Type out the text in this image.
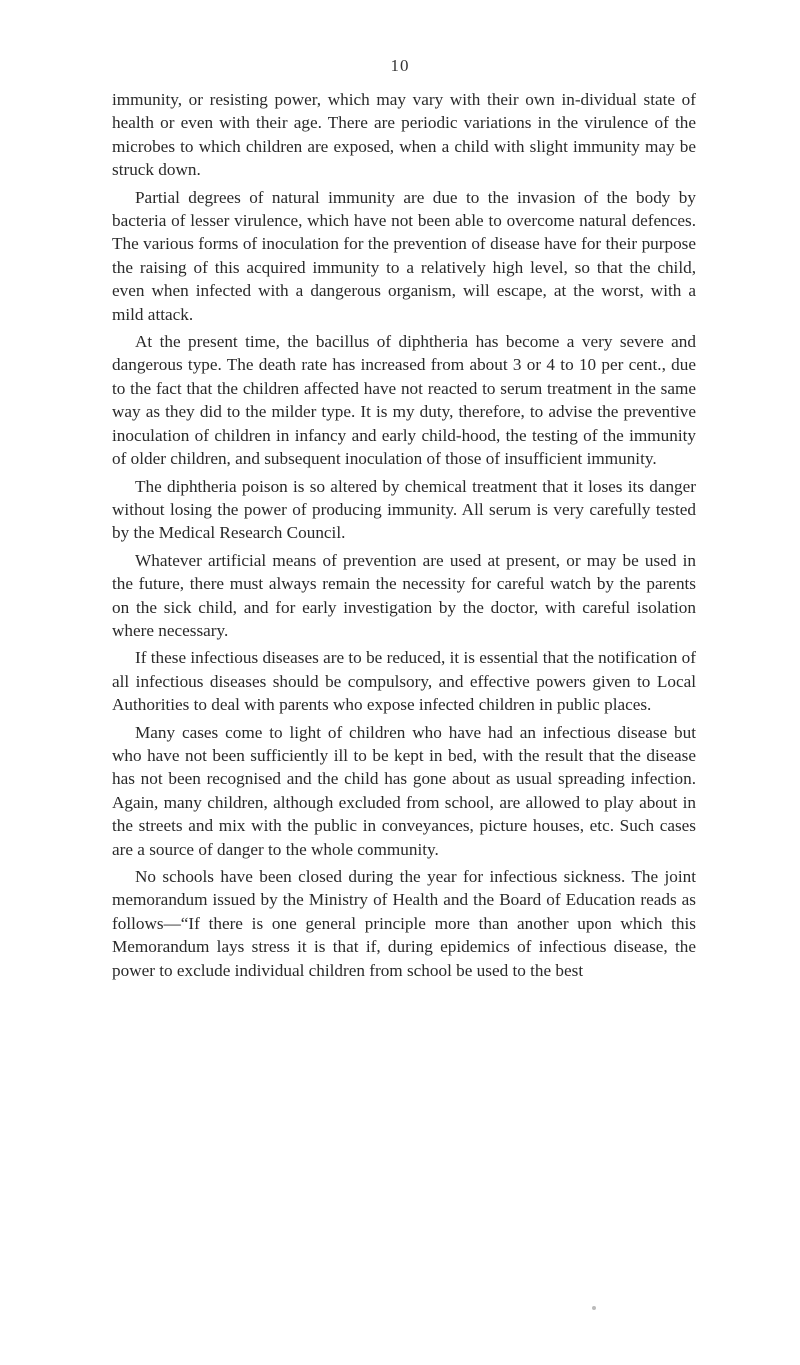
10

immunity, or resisting power, which may vary with their own in-dividual state of health or even with their age. There are periodic variations in the virulence of the microbes to which children are exposed, when a child with slight immunity may be struck down.

Partial degrees of natural immunity are due to the invasion of the body by bacteria of lesser virulence, which have not been able to overcome natural defences. The various forms of inoculation for the prevention of disease have for their purpose the raising of this acquired immunity to a relatively high level, so that the child, even when infected with a dangerous organism, will escape, at the worst, with a mild attack.

At the present time, the bacillus of diphtheria has become a very severe and dangerous type. The death rate has increased from about 3 or 4 to 10 per cent., due to the fact that the children affected have not reacted to serum treatment in the same way as they did to the milder type. It is my duty, therefore, to advise the preventive inoculation of children in infancy and early child-hood, the testing of the immunity of older children, and subsequent inoculation of those of insufficient immunity.

The diphtheria poison is so altered by chemical treatment that it loses its danger without losing the power of producing immunity. All serum is very carefully tested by the Medical Research Council.

Whatever artificial means of prevention are used at present, or may be used in the future, there must always remain the necessity for careful watch by the parents on the sick child, and for early investigation by the doctor, with careful isolation where necessary.

If these infectious diseases are to be reduced, it is essential that the notification of all infectious diseases should be compulsory, and effective powers given to Local Authorities to deal with parents who expose infected children in public places.

Many cases come to light of children who have had an infectious disease but who have not been sufficiently ill to be kept in bed, with the result that the disease has not been recognised and the child has gone about as usual spreading infection. Again, many children, although excluded from school, are allowed to play about in the streets and mix with the public in conveyances, picture houses, etc. Such cases are a source of danger to the whole community.

No schools have been closed during the year for infectious sickness. The joint memorandum issued by the Ministry of Health and the Board of Education reads as follows—“If there is one general principle more than another upon which this Memorandum lays stress it is that if, during epidemics of infectious disease, the power to exclude individual children from school be used to the best
